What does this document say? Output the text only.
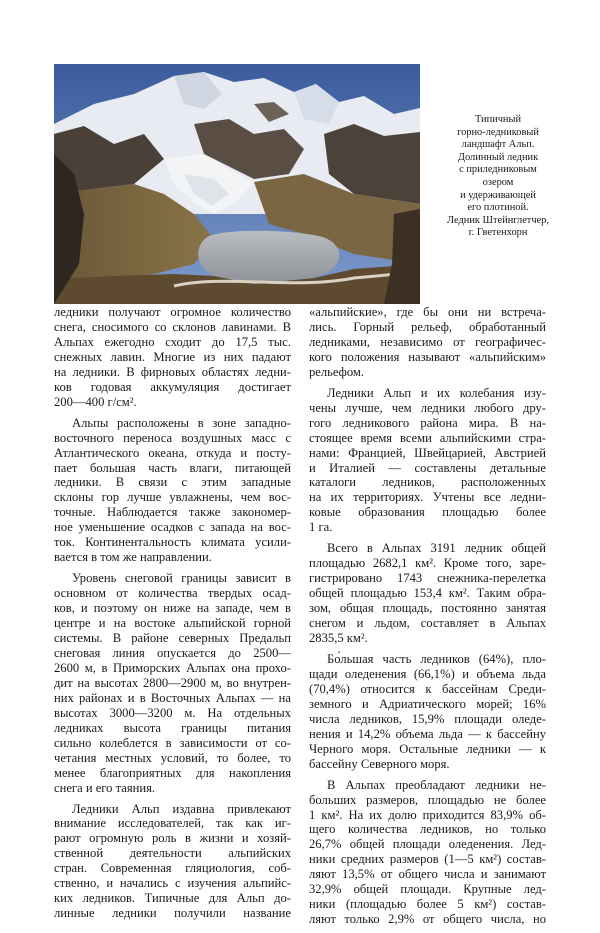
Типичный
горно-ледниковый
ландшафт Альп.
Долинный ледник
с приледниковым
озером
и удерживающей
его плотиной.
Ледник Штейнглетчер,
г. Гветенхорн
ледники получают огромное количество
снега, сносимого со склонов лавинами. В
Альпах ежегодно сходит до 17,5 тыс.
снежных лавин. Многие из них падают
на ледники. В фирновых областях ледни-
ков годовая аккумуляция достигает
200—400 г/см².
Альпы расположены в зоне западно-
восточного переноса воздушных масс с
Атлантического океана, откуда и посту-
пает большая часть влаги, питающей
ледники. В связи с этим западные
склоны гор лучше увлажнены, чем вос-
точные. Наблюдается также закономер-
ное уменьшение осадков с запада на вос-
ток. Континентальность климата усили-
вается в том же направлении.
Уровень снеговой границы зависит в
основном от количества твердых осад-
ков, и поэтому он ниже на западе, чем в
центре и на востоке альпийской горной
системы. В районе северных Предальп
снеговая линия опускается до 2500—
2600 м, в Приморских Альпах она прохо-
дит на высотах 2800—2900 м, во внутрен-
них районах и в Восточных Альпах — на
высотах 3000—3200 м. На отдельных
ледниках высота границы питания
сильно колеблется в зависимости от со-
четания местных условий, то более, то
менее благоприятных для накопления
снега и его таяния.
Ледники Альп издавна привлекают
внимание исследователей, так как иг-
рают огромную роль в жизни и хозяй-
ственной деятельности альпийских
стран. Современная гляциология, соб-
ственно, и начались с изучения альпийс-
ких ледников. Типичные для Альп до-
линные ледники получили название
«альпийские», где бы они ни встреча-
лись. Горный рельеф, обработанный
ледниками, независимо от географичес-
кого положения называют «альпийским»
рельефом.
Ледники Альп и их колебания изу-
чены лучше, чем ледники любого дру-
гого ледникового района мира. В на-
стоящее время всеми альпийскими стра-
нами: Францией, Швейцарией, Австрией
и Италией — составлены детальные
каталоги ледников, расположенных
на их территориях. Учтены все ледни-
ковые образования площадью более
1 га.
Всего в Альпах 3191 ледник общей
площадью 2682,1 км². Кроме того, заре-
гистрировано 1743 снежника-перелетка
общей площадью 153,4 км². Таким обра-
зом, общая площадь, постоянно занятая
снегом и льдом, составляет в Альпах
2835,5 км².
Бо́льшая часть ледников (64%), пло-
щади оледенения (66,1%) и объема льда
(70,4%) относится к бассейнам Среди-
земного и Адриатического морей; 16%
числа ледников, 15,9% площади оледе-
нения и 14,2% объема льда — к бассейну
Черного моря. Остальные ледники — к
бассейну Северного моря.
В Альпах преобладают ледники не-
больших размеров, площадью не более
1 км². На их долю приходится 83,9% об-
щего количества ледников, но только
26,7% общей площади оледенения. Лед-
ники средних размеров (1—5 км²) состав-
ляют 13,5% от общего числа и занимают
32,9% общей площади. Крупные лед-
ники (площадью более 5 км²) состав-
ляют только 2,9% от общего числа, но
